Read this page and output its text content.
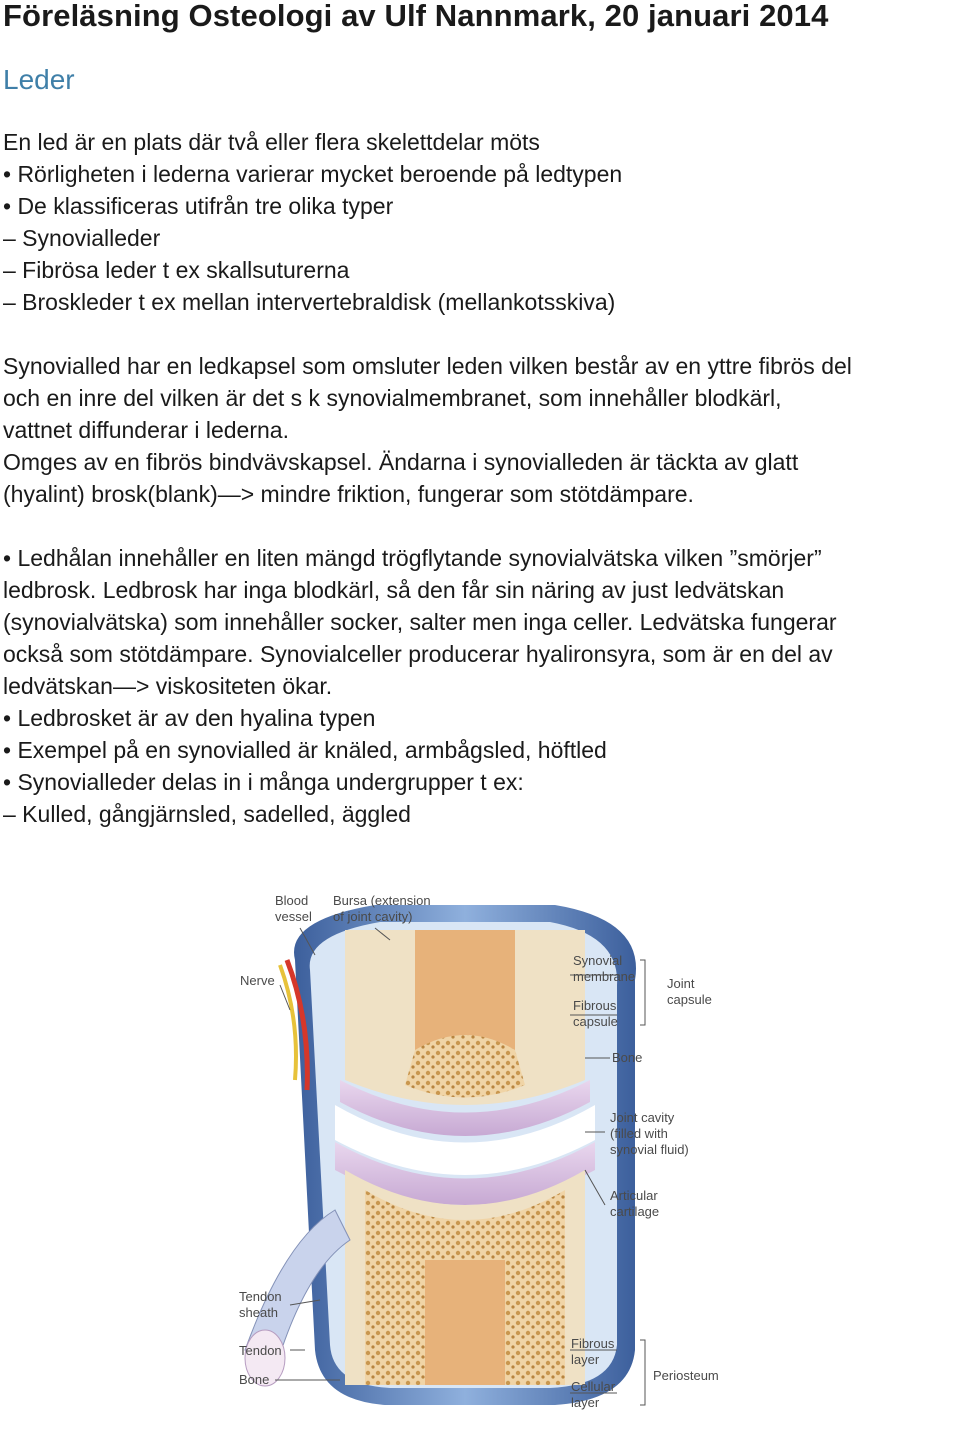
Föreläsning Osteologi av Ulf Nannmark, 20 januari 2014
Leder

En led är en plats där två eller flera skelettdelar möts

• Rörligheten i lederna varierar mycket beroende på ledtypen

• De klassificeras utifrån tre olika typer

– Synovialleder

– Fibrösa leder t ex skallsuturerna

– Broskleder t ex mellan intervertebraldisk (mellankotsskiva)

Synovialled har en ledkapsel som omsluter leden vilken består av en yttre fibrös del

och en inre del vilken är det s k synovialmembranet, som innehåller blodkärl,

vattnet diffunderar i lederna.

Omges av en fibrös bindvävskapsel. Ändarna i synovialleden är täckta av glatt

(hyalint) brosk(blank)—> mindre friktion, fungerar som stötdämpare.

• Ledhålan innehåller en liten mängd trögflytande synovialvätska vilken ”smörjer”

ledbrosk. Ledbrosk har inga blodkärl, så den får sin näring av just ledvätskan

(synovialvätska) som innehåller socker, salter men inga celler. Ledvätska fungerar

också som stötdämpare. Synovialceller producerar hyalironsyra, som är en del av

ledvätskan—> viskositeten ökar.

• Ledbrosket är av den hyalina typen

• Exempel på en synovialled är knäled, armbågsled, höftled

• Synovialleder delas in i många undergrupper t ex:

– Kulled, gångjärnsled, sadelled, äggled

Blood
vessel
Bursa (extension
of joint cavity)
Nerve
Synovial
membrane
Fibrous
capsule
Joint
capsule
Bone
Joint cavity
(filled with
synovial fluid)
Articular
cartilage
Tendon
sheath
Tendon
Bone
Fibrous
layer
Cellular
layer
Periosteum
